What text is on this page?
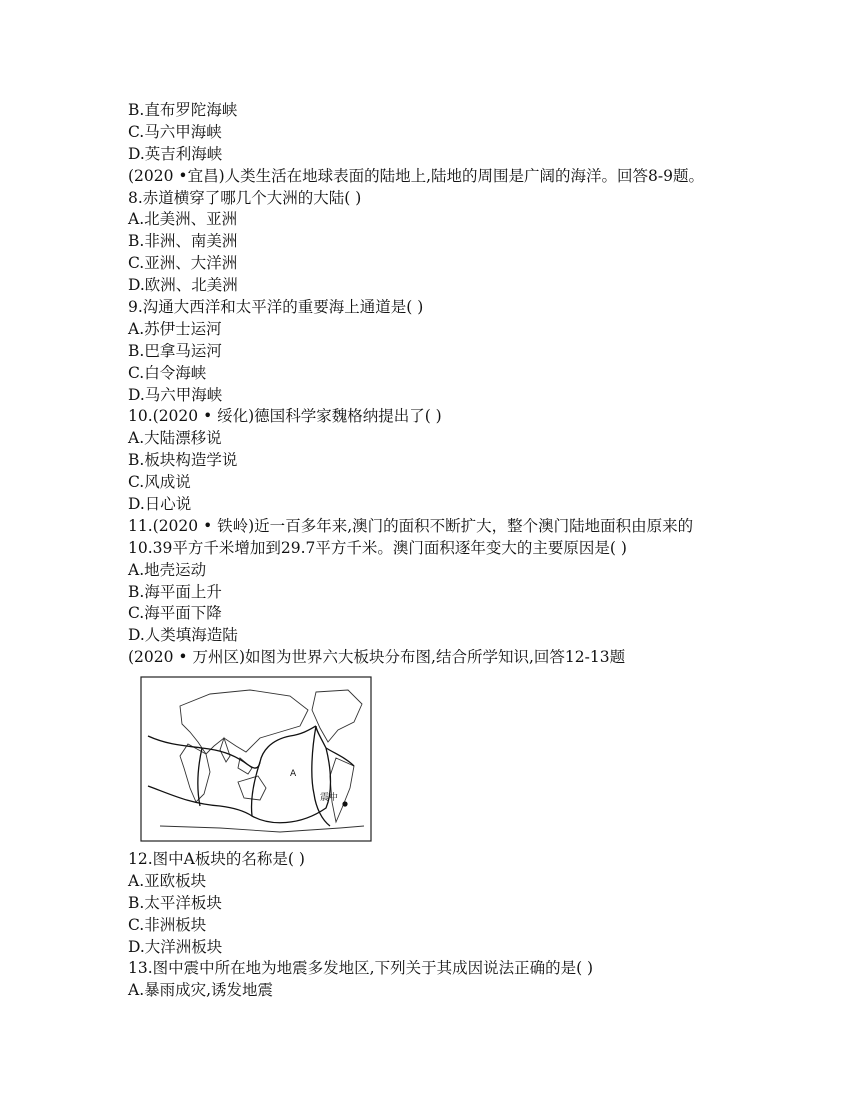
B.直布罗陀海峡
C.马六甲海峡
D.英吉利海峡
(2020 •宜昌)人类生活在地球表面的陆地上,陆地的周围是广阔的海洋。回答8-9题。
8.赤道横穿了哪几个大洲的大陆( )
A.北美洲、亚洲
B.非洲、南美洲
C.亚洲、大洋洲
D.欧洲、北美洲
9.沟通大西洋和太平洋的重要海上通道是( )
A.苏伊士运河
B.巴拿马运河
C.白令海峡
D.马六甲海峡
10.(2020 • 绥化)德国科学家魏格纳提出了( )
A.大陆漂移说
B.板块构造学说
C.风成说
D.日心说
11.(2020 • 铁岭)近一百多年来,澳门的面积不断扩大，整个澳门陆地面积由原来的
10.39平方千米增加到29.7平方千米。澳门面积逐年变大的主要原因是( )
A.地壳运动
B.海平面上升
C.海平面下降
D.人类填海造陆
(2020 • 万州区)如图为世界六大板块分布图,结合所学知识,回答12-13题
A
震中
12.图中A板块的名称是( )
A.亚欧板块
B.太平洋板块
C.非洲板块
D.大洋洲板块
13.图中震中所在地为地震多发地区,下列关于其成因说法正确的是( )
A.暴雨成灾,诱发地震
